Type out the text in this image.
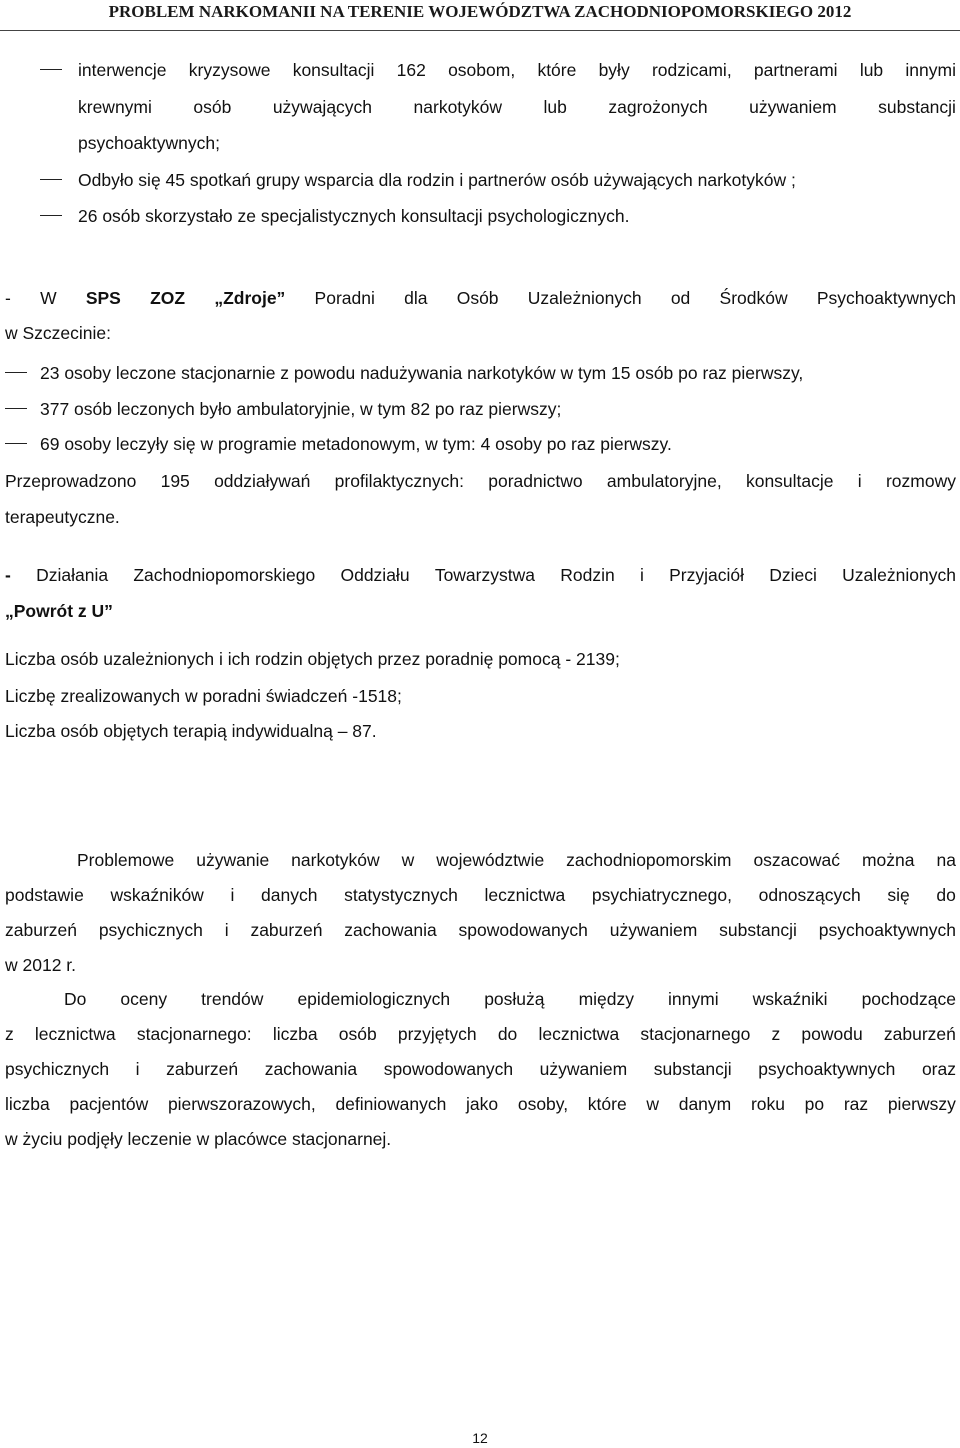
PROBLEM NARKOMANII NA TERENIE WOJEWÓDZTWA ZACHODNIOPOMORSKIEGO 2012
interwencje kryzysowe konsultacji 162 osobom, które były rodzicami, partnerami lub innymi
krewnymi osób używających narkotyków lub zagrożonych używaniem substancji
psychoaktywnych;
Odbyło się 45 spotkań grupy wsparcia dla rodzin i partnerów osób używających narkotyków ;
26 osób skorzystało ze specjalistycznych konsultacji psychologicznych.
- W SPS ZOZ „Zdroje” Poradni dla Osób Uzależnionych od Środków Psychoaktywnych
w Szczecinie:
23 osoby leczone stacjonarnie z powodu nadużywania narkotyków w tym 15 osób po raz pierwszy,
377 osób leczonych było ambulatoryjnie, w tym 82 po raz pierwszy;
69 osoby leczyły się w programie metadonowym, w tym: 4 osoby po raz pierwszy.
Przeprowadzono 195 oddziaływań profilaktycznych: poradnictwo ambulatoryjne, konsultacje i rozmowy
terapeutyczne.
- Działania Zachodniopomorskiego Oddziału Towarzystwa Rodzin i Przyjaciół Dzieci Uzależnionych
„Powrót z U”
Liczba osób uzależnionych i ich rodzin objętych przez poradnię pomocą - 2139;
Liczbę zrealizowanych w poradni świadczeń -1518;
Liczba osób objętych terapią indywidualną – 87.
Problemowe używanie narkotyków w województwie zachodniopomorskim oszacować można na
podstawie wskaźników i danych statystycznych lecznictwa psychiatrycznego, odnoszących się do
zaburzeń psychicznych i zaburzeń zachowania spowodowanych używaniem substancji psychoaktywnych
w 2012 r.
Do oceny trendów epidemiologicznych posłużą między innymi wskaźniki pochodzące
z lecznictwa stacjonarnego: liczba osób przyjętych do lecznictwa stacjonarnego z powodu zaburzeń
psychicznych i zaburzeń zachowania spowodowanych używaniem substancji psychoaktywnych oraz
liczba pacjentów pierwszorazowych, definiowanych jako osoby, które w danym roku po raz pierwszy
w życiu podjęły leczenie w placówce stacjonarnej.
12
